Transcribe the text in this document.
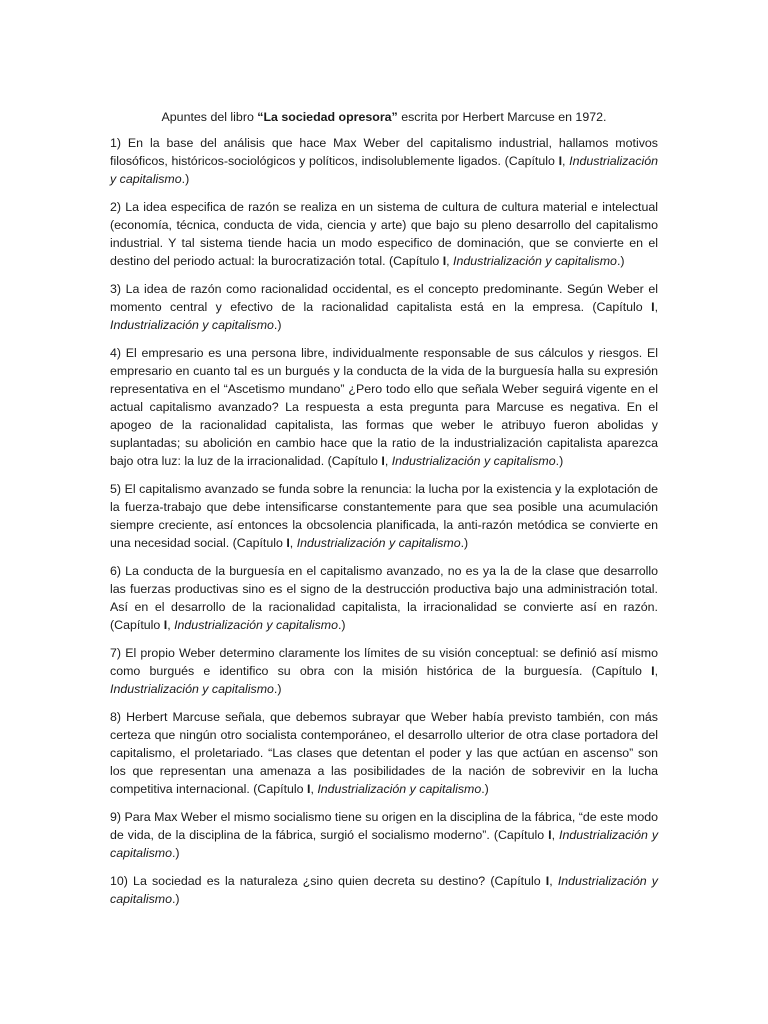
Apuntes del libro “La sociedad opresora” escrita por Herbert Marcuse en 1972.
1) En la base del análisis que hace Max Weber del capitalismo industrial, hallamos motivos filosóficos, históricos-sociológicos y políticos, indisolublemente ligados. (Capítulo I, Industrialización y capitalismo.)
2) La idea especifica de razón se realiza en un sistema de cultura de cultura material e intelectual (economía, técnica, conducta de vida, ciencia y arte) que bajo su pleno desarrollo del capitalismo industrial. Y tal sistema tiende hacia un modo especifico de dominación, que se convierte en el destino del periodo actual: la burocratización total. (Capítulo I, Industrialización y capitalismo.)
3) La idea de razón como racionalidad occidental, es el concepto predominante. Según Weber el momento central y efectivo de la racionalidad capitalista está en la empresa. (Capítulo I, Industrialización y capitalismo.)
4) El empresario es una persona libre, individualmente responsable de sus cálculos y riesgos. El empresario en cuanto tal es un burgués y la conducta de la vida de la burguesía halla su expresión representativa en el “Ascetismo mundano” ¿Pero todo ello que señala Weber seguirá vigente en el actual capitalismo avanzado? La respuesta a esta pregunta para Marcuse es negativa. En el apogeo de la racionalidad capitalista, las formas que weber le atribuyo fueron abolidas y suplantadas; su abolición en cambio hace que la ratio de la industrialización capitalista aparezca bajo otra luz: la luz de la irracionalidad. (Capítulo I, Industrialización y capitalismo.)
5) El capitalismo avanzado se funda sobre la renuncia: la lucha por la existencia y la explotación de la fuerza-trabajo que debe intensificarse constantemente para que sea posible una acumulación siempre creciente, así entonces la obcsolencia planificada, la anti-razón metódica se convierte en una necesidad social. (Capítulo I, Industrialización y capitalismo.)
6) La conducta de la burguesía en el capitalismo avanzado, no es ya la de la clase que desarrollo las fuerzas productivas sino es el signo de la destrucción productiva bajo una administración total. Así en el desarrollo de la racionalidad capitalista, la irracionalidad se convierte así en razón. (Capítulo I, Industrialización y capitalismo.)
7) El propio Weber determino claramente los límites de su visión conceptual: se definió así mismo como burgués e identifico su obra con la misión histórica de la burguesía. (Capítulo I, Industrialización y capitalismo.)
8) Herbert Marcuse señala, que debemos subrayar que Weber había previsto también, con más certeza que ningún otro socialista contemporáneo, el desarrollo ulterior de otra clase portadora del capitalismo, el proletariado. “Las clases que detentan el poder y las que actúan en ascenso” son los que representan una amenaza a las posibilidades de la nación de sobrevivir en la lucha competitiva internacional. (Capítulo I, Industrialización y capitalismo.)
9) Para Max Weber el mismo socialismo tiene su origen en la disciplina de la fábrica, “de este modo de vida, de la disciplina de la fábrica, surgió el socialismo moderno”. (Capítulo I, Industrialización y capitalismo.)
10) La sociedad es la naturaleza ¿sino quien decreta su destino? (Capítulo I, Industrialización y capitalismo.)
